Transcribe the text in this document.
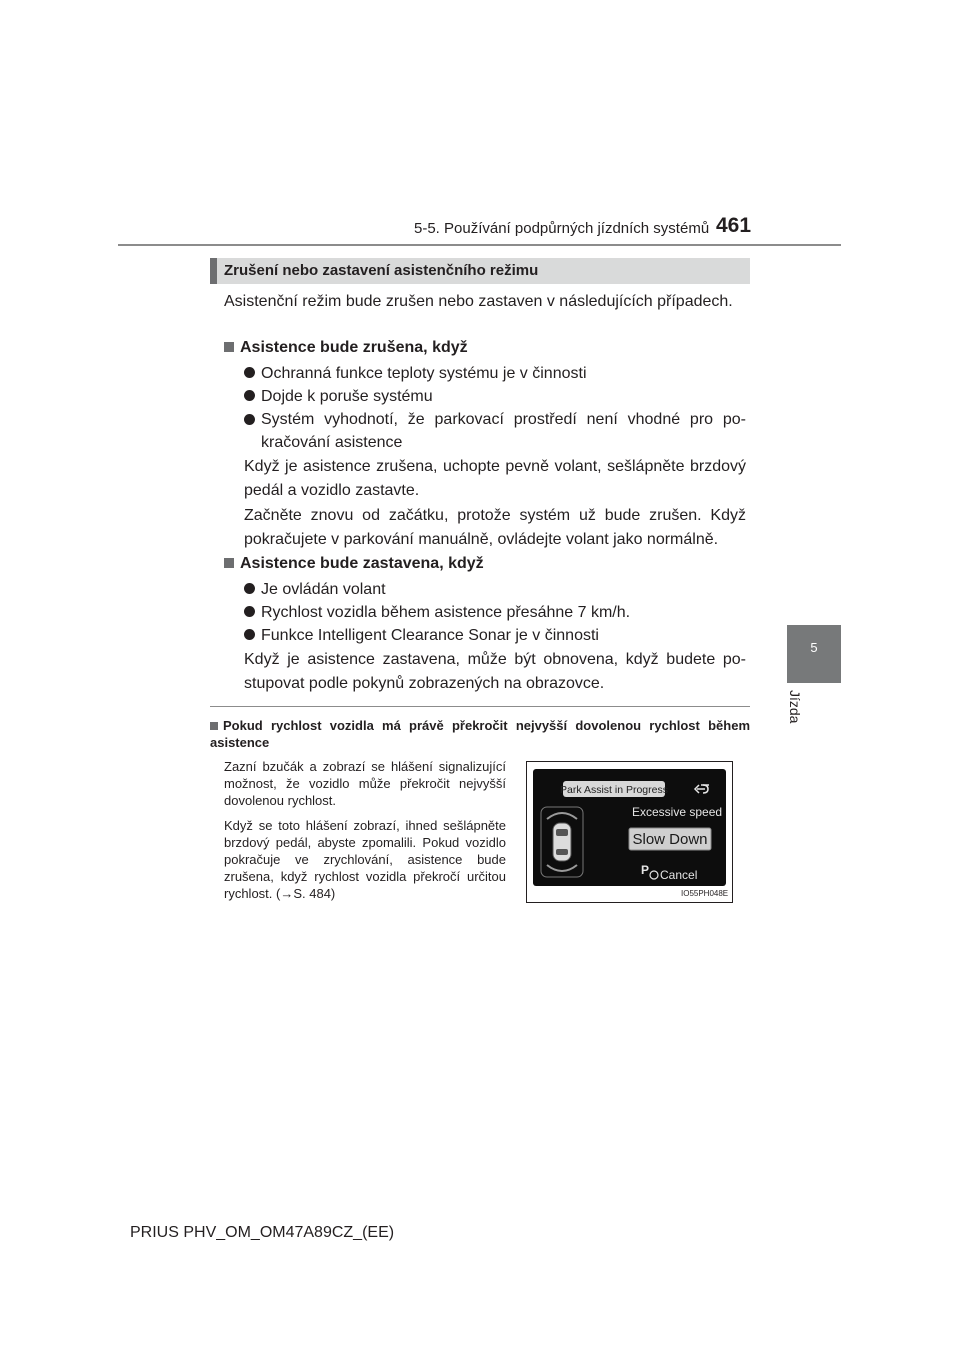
5-5. Používání podpůrných jízdních systémů 461
5
Jízda
Zrušení nebo zastavení asistenčního režimu
Asistenční režim bude zrušen nebo zastaven v následujících případech.
Asistence bude zrušena, když
Ochranná funkce teploty systému je v činnosti
Dojde k poruše systému
Systém vyhodnotí, že parkovací prostředí není vhodné pro pokračování asistence
Když je asistence zrušena, uchopte pevně volant, sešlápněte brzdový pedál a vozidlo zastavte.
Začněte znovu od začátku, protože systém už bude zrušen. Když pokračujete v parkování manuálně, ovládejte volant jako normálně.
Asistence bude zastavena, když
Je ovládán volant
Rychlost vozidla během asistence přesáhne 7 km/h.
Funkce Intelligent Clearance Sonar je v činnosti
Když je asistence zastavena, může být obnovena, když budete postupovat podle pokynů zobrazených na obrazovce.
Pokud rychlost vozidla má právě překročit nejvyšší dovolenou rychlost během asistence
Zazní bzučák a zobrazí se hlášení signalizující možnost, že vozidlo může překročit nejvyšší dovolenou rychlost.
Když se toto hlášení zobrazí, ihned sešlápněte brzdový pedál, abyste zpomalili. Pokud vozidlo pokračuje ve zrychlování, asistence bude zrušena, když rychlost vozidla překročí určitou rychlost. (→S. 484)
Park Assist in Progress
Excessive speed
Slow Down
P Cancel
IO55PH048E
PRIUS PHV_OM_OM47A89CZ_(EE)
